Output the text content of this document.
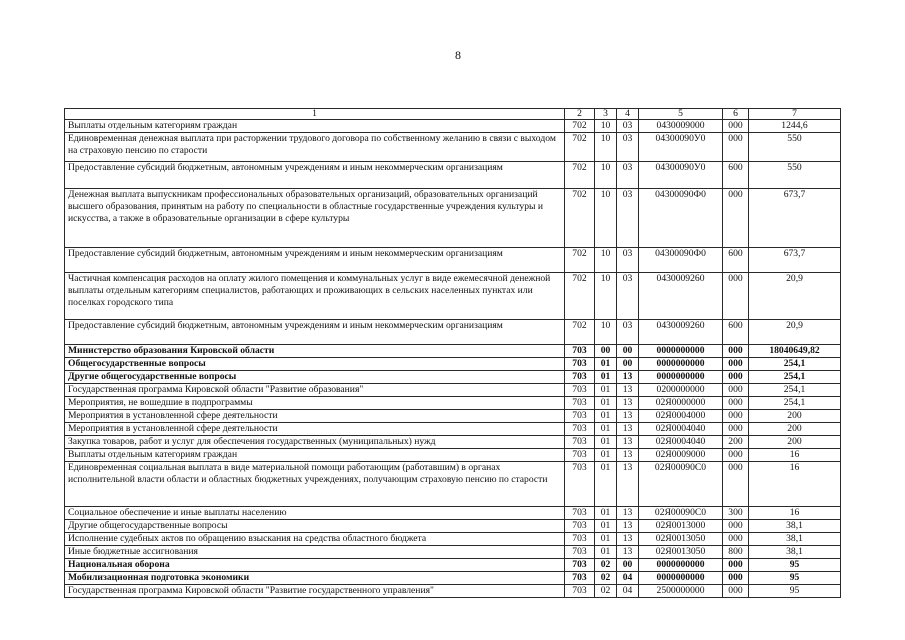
8
1	2	3	4	5	6	7
Выплаты отдельным категориям граждан	702	10	03	0430009000	000	1244,6
Единовременная денежная выплата при расторжении трудового договора по собственному желанию в связи с выходом на страховую пенсию по старости	702	10	03	04300090У0	000	550
Предоставление субсидий бюджетным, автономным учреждениям и иным некоммерческим организациям	702	10	03	04300090У0	600	550
Денежная выплата выпускникам профессиональных образовательных организаций, образовательных организаций высшего образования, принятым на работу по специальности в областные государственные учреждения культуры и искусства, а также в образовательные организации в сфере культуры	702	10	03	04300090Ф0	000	673,7
Предоставление субсидий бюджетным, автономным учреждениям и иным некоммерческим организациям	702	10	03	04300090Ф0	600	673,7
Частичная компенсация расходов на оплату жилого помещения и коммунальных услуг в виде ежемесячной денежной выплаты отдельным категориям специалистов, работающих и проживающих в сельских населенных пунктах или поселках городского типа	702	10	03	0430009260	000	20,9
Предоставление субсидий бюджетным, автономным учреждениям и иным некоммерческим организациям	702	10	03	0430009260	600	20,9
Министерство образования Кировской области	703	00	00	0000000000	000	18040649,82
Общегосударственные вопросы	703	01	00	0000000000	000	254,1
Другие общегосударственные вопросы	703	01	13	0000000000	000	254,1
Государственная программа Кировской области "Развитие образования"	703	01	13	0200000000	000	254,1
Мероприятия, не вошедшие в подпрограммы	703	01	13	02Я0000000	000	254,1
Мероприятия в установленной сфере деятельности	703	01	13	02Я0004000	000	200
Мероприятия в установленной сфере деятельности	703	01	13	02Я0004040	000	200
Закупка товаров, работ и услуг для обеспечения государственных (муниципальных) нужд	703	01	13	02Я0004040	200	200
Выплаты отдельным категориям граждан	703	01	13	02Я0009000	000	16
Единовременная социальная выплата в виде материальной помощи работающим (работавшим) в органах исполнительной власти области и областных бюджетных учреждениях, получающим страховую пенсию по старости	703	01	13	02Я00090С0	000	16
Социальное обеспечение и иные выплаты населению	703	01	13	02Я00090С0	300	16
Другие общегосударственные вопросы	703	01	13	02Я0013000	000	38,1
Исполнение судебных актов по обращению взыскания на средства областного бюджета	703	01	13	02Я0013050	000	38,1
Иные бюджетные ассигнования	703	01	13	02Я0013050	800	38,1
Национальная оборона	703	02	00	0000000000	000	95
Мобилизационная подготовка экономики	703	02	04	0000000000	000	95
Государственная программа Кировской области "Развитие государственного управления"	703	02	04	2500000000	000	95
